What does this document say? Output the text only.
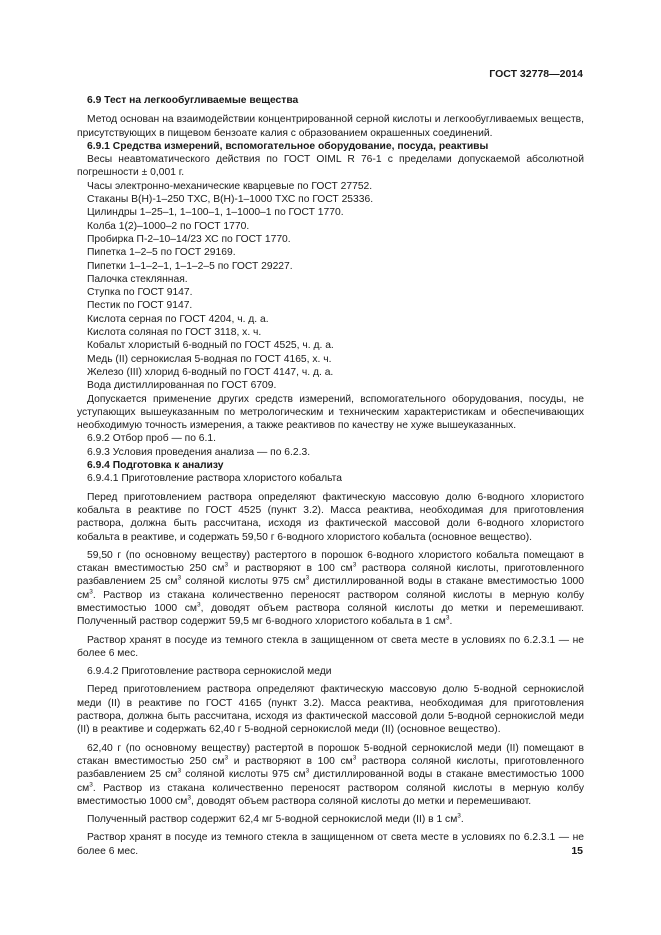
ГОСТ 32778—2014

6.9 Тест на легкообугливаемые вещества

Метод основан на взаимодействии концентрированной серной кислоты и легкообугливаемых веществ, присутствующих в пищевом бензоате калия с образованием окрашенных соединений.

6.9.1 Средства измерений, вспомогательное оборудование, посуда, реактивы

Весы неавтоматического действия по ГОСТ OIML R 76-1 с пределами допускаемой абсолютной погрешности ± 0,001 г.

Часы электронно-механические кварцевые по ГОСТ 27752.

Стаканы В(Н)-1–250 ТХС, В(Н)-1–1000 ТХС по ГОСТ 25336.

Цилиндры 1–25–1, 1–100–1, 1–1000–1 по ГОСТ 1770.

Колба 1(2)–1000–2 по ГОСТ 1770.

Пробирка П-2–10–14/23 ХС по ГОСТ 1770.

Пипетка 1–2–5 по ГОСТ 29169.

Пипетки 1–1–2–1, 1–1–2–5 по ГОСТ 29227.

Палочка стеклянная.

Ступка по ГОСТ 9147.

Пестик по ГОСТ 9147.

Кислота серная по ГОСТ 4204, ч. д. а.

Кислота соляная по ГОСТ 3118, х. ч.

Кобальт хлористый 6-водный по ГОСТ 4525, ч. д. а.

Медь (II) сернокислая 5-водная по ГОСТ 4165, х. ч.

Железо (III) хлорид 6-водный по ГОСТ 4147, ч. д. а.

Вода дистиллированная по ГОСТ 6709.

Допускается применение других средств измерений, вспомогательного оборудования, посуды, не уступающих вышеуказанным по метрологическим и техническим характеристикам и обеспечивающих необходимую точность измерения, а также реактивов по качеству не хуже вышеуказанных.

6.9.2 Отбор проб — по 6.1.

6.9.3 Условия проведения анализа — по 6.2.3.

6.9.4 Подготовка к анализу

6.9.4.1 Приготовление раствора хлористого кобальта

Перед приготовлением раствора определяют фактическую массовую долю 6-водного хлористого кобальта в реактиве по ГОСТ 4525 (пункт 3.2). Масса реактива, необходимая для приготовления раствора, должна быть рассчитана, исходя из фактической массовой доли 6-водного хлористого кобальта в реактиве, и содержать 59,50 г 6-водного хлористого кобальта (основное вещество).

59,50 г (по основному веществу) растертого в порошок 6-водного хлористого кобальта помещают в стакан вместимостью 250 $см^3$ и растворяют в 100 $см^3$ раствора соляной кислоты, приготовленного разбавлением 25 $см^3$ соляной кислоты 975 $см^3$ дистиллированной воды в стакане вместимостью 1000 $см^3$. Раствор из стакана количественно переносят раствором соляной кислоты в мерную колбу вместимостью 1000 $см^3$, доводят объем раствора соляной кислоты до метки и перемешивают. Полученный раствор содержит 59,5 мг 6-водного хлористого кобальта в 1 $см^3$.

Раствор хранят в посуде из темного стекла в защищенном от света месте в условиях по 6.2.3.1 — не более 6 мес.

6.9.4.2 Приготовление раствора сернокислой меди

Перед приготовлением раствора определяют фактическую массовую долю 5-водной сернокислой меди (II) в реактиве по ГОСТ 4165 (пункт 3.2). Масса реактива, необходимая для приготовления раствора, должна быть рассчитана, исходя из фактической массовой доли 5-водной сернокислой меди (II) в реактиве и содержать 62,40 г 5-водной сернокислой меди (II) (основное вещество).

62,40 г (по основному веществу) растертой в порошок 5-водной сернокислой меди (II) помещают в стакан вместимостью 250 $см^3$ и растворяют в 100 $см^3$ раствора соляной кислоты, приготовленного разбавлением 25 $см^3$ соляной кислоты 975 $см^3$ дистиллированной воды в стакане вместимостью 1000 $см^3$. Раствор из стакана количественно переносят раствором соляной кислоты в мерную колбу вместимостью 1000 $см^3$, доводят объем раствора соляной кислоты до метки и перемешивают.

Полученный раствор содержит 62,4 мг 5-водной сернокислой меди (II) в 1 $см^3$.

Раствор хранят в посуде из темного стекла в защищенном от света месте в условиях по 6.2.3.1 — не более 6 мес.	15
